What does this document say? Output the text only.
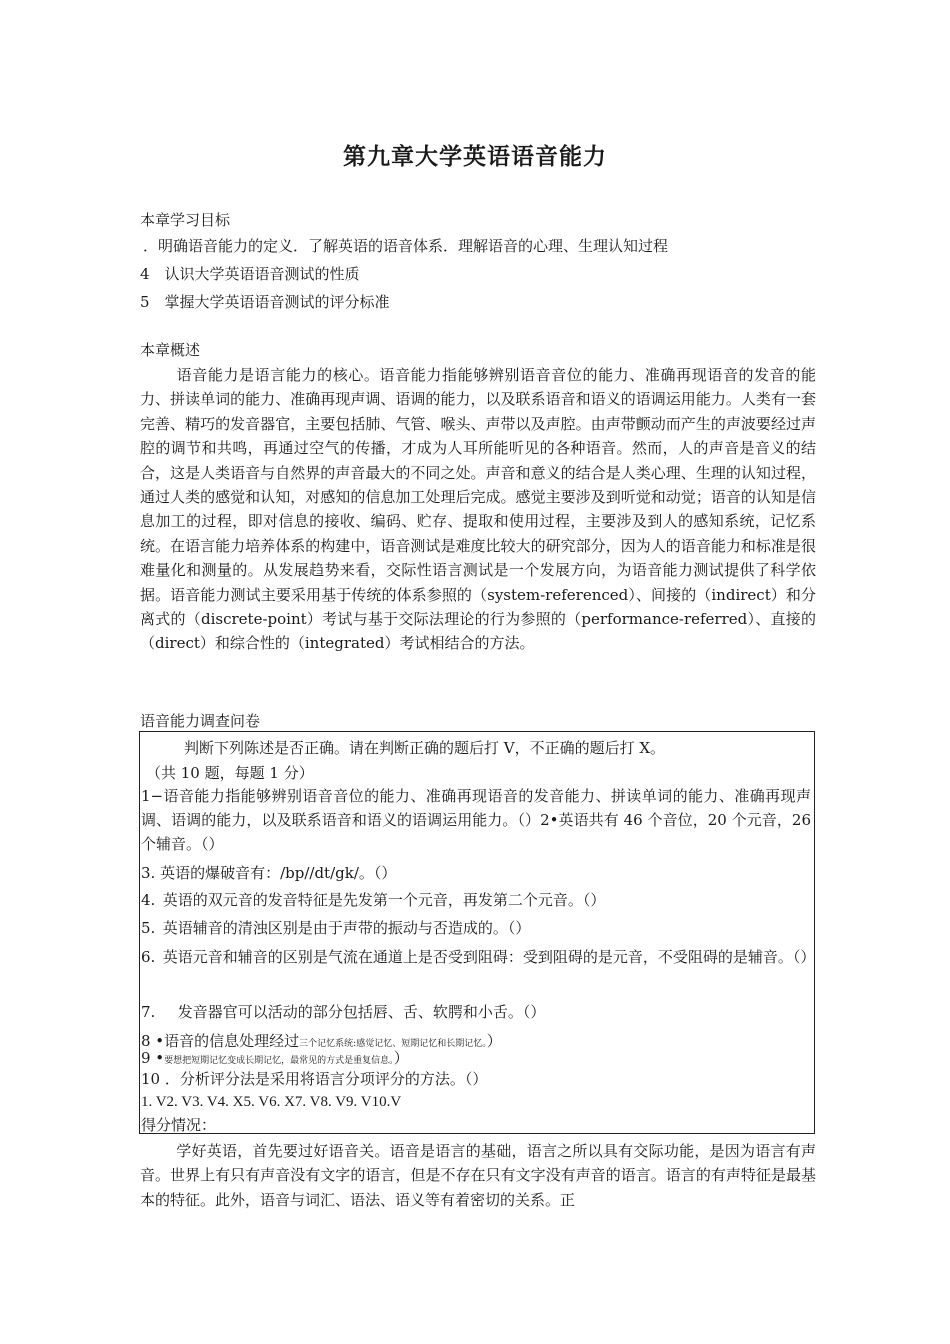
第九章大学英语语音能力
本章学习目标
．明确语音能力的定义．了解英语的语音体系．理解语音的心理、生理认知过程
4　认识大学英语语音测试的性质
5　掌握大学英语语音测试的评分标准
本章概述
语音能力是语言能力的核心。语音能力指能够辨别语音音位的能力、准确再现语音的发音的能力、拼读单词的能力、准确再现声调、语调的能力，以及联系语音和语义的语调运用能力。人类有一套完善、精巧的发音器官，主要包括肺、气管、喉头、声带以及声腔。由声带颤动而产生的声波要经过声腔的调节和共鸣，再通过空气的传播，才成为人耳所能听见的各种语音。然而，人的声音是音义的结合，这是人类语音与自然界的声音最大的不同之处。声音和意义的结合是人类心理、生理的认知过程，通过人类的感觉和认知，对感知的信息加工处理后完成。感觉主要涉及到听觉和动觉；语音的认知是信息加工的过程，即对信息的接收、编码、贮存、提取和使用过程，主要涉及到人的感知系统，记忆系统。在语言能力培养体系的构建中，语音测试是难度比较大的研究部分，因为人的语音能力和标准是很难量化和测量的。从发展趋势来看，交际性语言测试是一个发展方向，为语音能力测试提供了科学依据。语音能力测试主要采用基于传统的体系参照的（system-referenced）、间接的（indirect）和分离式的（discrete-point）考试与基于交际法理论的行为参照的（performance-referred）、直接的（direct）和综合性的（integrated）考试相结合的方法。
语音能力调查问卷
判断下列陈述是否正确。请在判断正确的题后打 V，不正确的题后打 X。
（共 10 题，每题 1 分）
1−语音能力指能够辨别语音音位的能力、准确再现语音的发音能力、拼读单词的能力、准确再现声调、语调的能力，以及联系语音和语义的语调运用能力。（）2•英语共有 46 个音位，20 个元音，26 个辅音。（）
3. 英语的爆破音有：/bp//dt/gk/。（）
4. 英语的双元音的发音特征是先发第一个元音，再发第二个元音。（）
5. 英语辅音的清浊区别是由于声带的振动与否造成的。（）
6. 英语元音和辅音的区别是气流在通道上是否受到阻碍：受到阻碍的是元音，不受阻碍的是辅音。（）
7.　 发音器官可以活动的部分包括唇、舌、软腭和小舌。（）
8 •语音的信息处理经过三个记忆系统:感觉记忆、短期记忆和长期记忆。）
9 •要想把短期记忆变成长期记忆，最常见的方式是重复信息。）
10 ．分析评分法是采用将语言分项评分的方法。（）
1. V2. V3. V4. X5. V6. X7. V8. V9. V10.V
得分情况：
学好英语，首先要过好语音关。语音是语言的基础，语言之所以具有交际功能，是因为语言有声音。世界上有只有声音没有文字的语言，但是不存在只有文字没有声音的语言。语言的有声特征是最基本的特征。此外，语音与词汇、语法、语义等有着密切的关系。正
